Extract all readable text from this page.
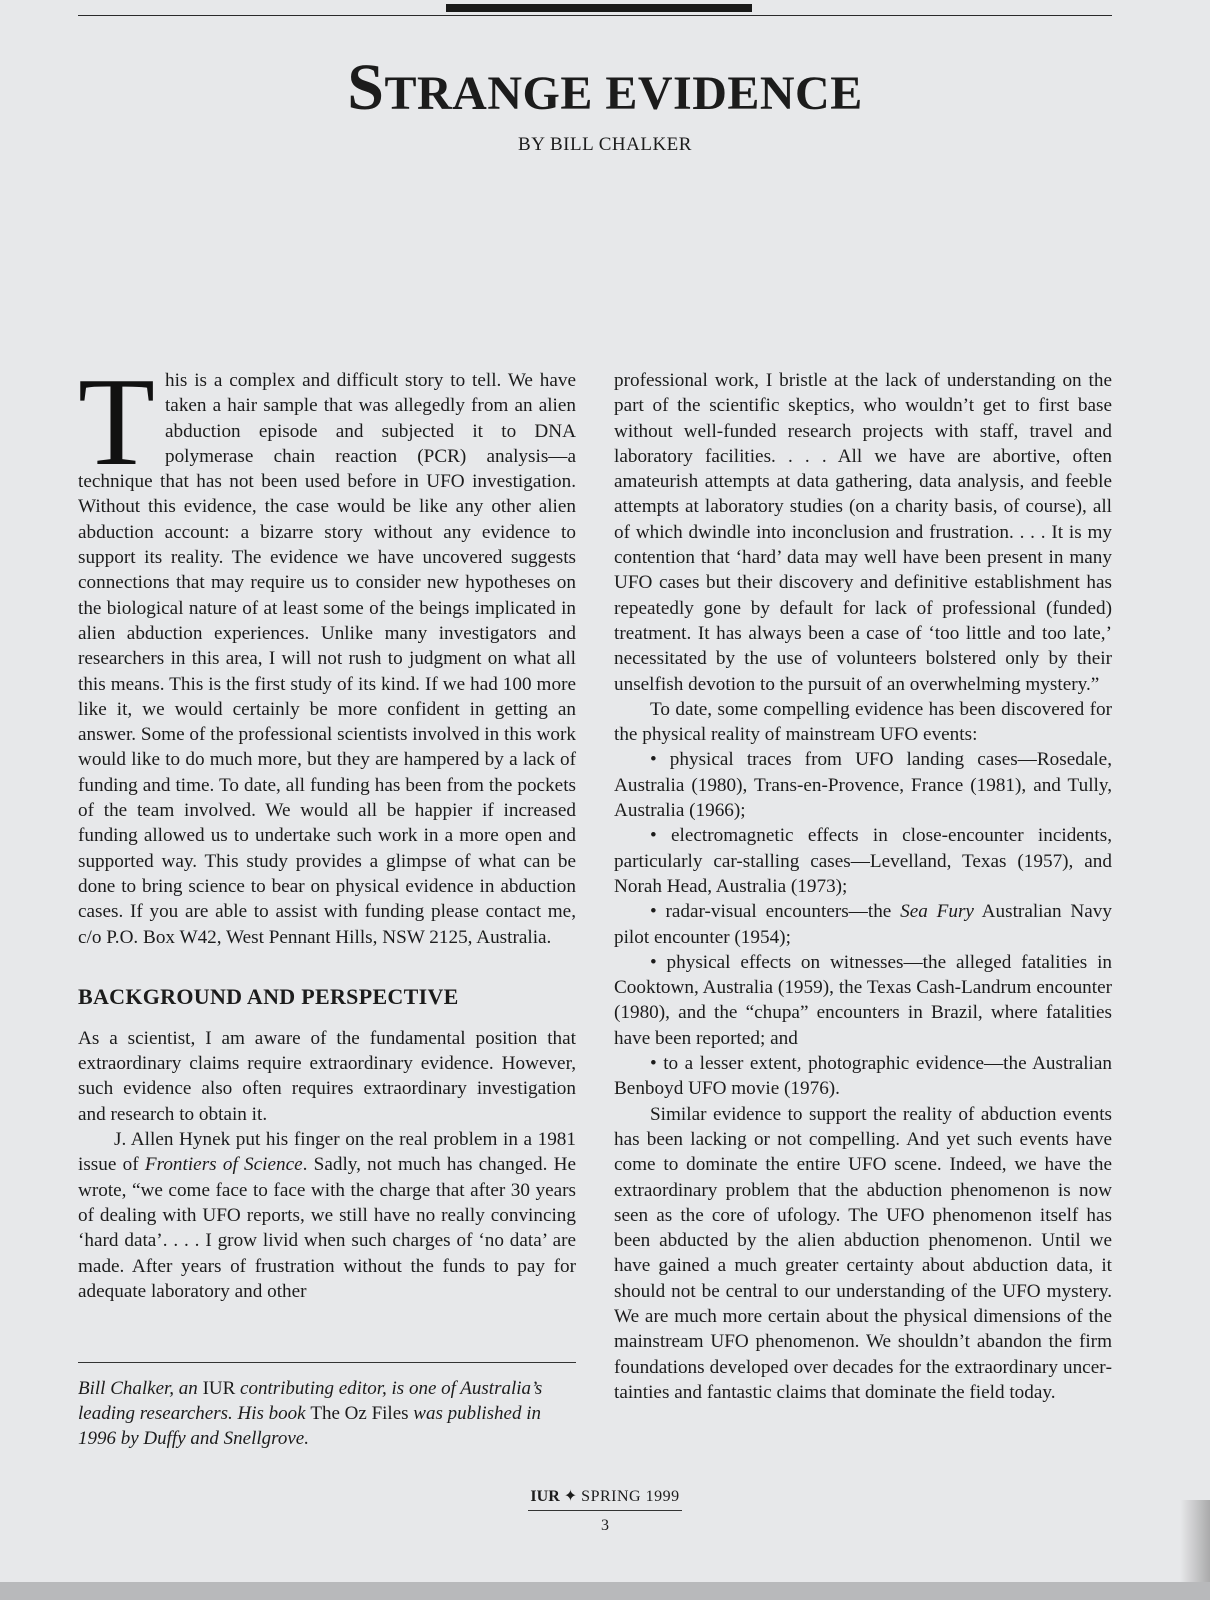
STRANGE EVIDENCE
BY BILL CHALKER

This is a complex and difficult story to tell. We have taken a hair sample that was allegedly from an alien abduction episode and subjected it to DNA polymerase chain reaction (PCR) analysis—a technique that has not been used before in UFO investigation. Without this evidence, the case would be like any other alien abduction account: a bizarre story without any evidence to support its reality. The evidence we have uncovered suggests connections that may require us to consider new hypotheses on the biological nature of at least some of the beings implicated in alien abduction experiences. Unlike many investigators and researchers in this area, I will not rush to judgment on what all this means. This is the first study of its kind. If we had 100 more like it, we would certainly be more confident in getting an answer. Some of the professional scientists involved in this work would like to do much more, but they are hampered by a lack of funding and time. To date, all funding has been from the pockets of the team involved. We would all be happier if increased funding allowed us to undertake such work in a more open and supported way. This study provides a glimpse of what can be done to bring science to bear on physical evidence in abduction cases. If you are able to assist with funding please contact me, c/o P.O. Box W42, West Pennant Hills, NSW 2125, Australia.

BACKGROUND AND PERSPECTIVE

As a scientist, I am aware of the fundamental position that extraordinary claims require extraordinary evidence. However, such evidence also often requires extraordinary investigation and research to obtain it.

J. Allen Hynek put his finger on the real problem in a 1981 issue of Frontiers of Science. Sadly, not much has changed. He wrote, “we come face to face with the charge that after 30 years of dealing with UFO reports, we still have no really convincing ‘hard data’. . . . I grow livid when such charges of ‘no data’ are made. After years of frustration without the funds to pay for adequate laboratory and other

Bill Chalker, an IUR contributing editor, is one of Australia’s leading researchers. His book The Oz Files was published in 1996 by Duffy and Snellgrove.

professional work, I bristle at the lack of understanding on the part of the scientific skeptics, who wouldn’t get to first base without well-funded research projects with staff, travel and laboratory facilities. . . . All we have are abortive, often amateurish attempts at data gathering, data analysis, and feeble attempts at laboratory studies (on a charity basis, of course), all of which dwindle into inconclusion and frustration. . . . It is my contention that ‘hard’ data may well have been present in many UFO cases but their discovery and definitive establishment has repeatedly gone by default for lack of professional (funded) treatment. It has always been a case of ‘too little and too late,’ necessitated by the use of volunteers bolstered only by their unselfish devotion to the pursuit of an overwhelming mystery.”

To date, some compelling evidence has been discovered for the physical reality of mainstream UFO events:

• physical traces from UFO landing cases—Rosedale, Australia (1980), Trans-en-Provence, France (1981), and Tully, Australia (1966);

• electromagnetic effects in close-encounter incidents, particularly car-stalling cases—Levelland, Texas (1957), and Norah Head, Australia (1973);

• radar-visual encounters—the Sea Fury Australian Navy pilot encounter (1954);

• physical effects on witnesses—the alleged fatalities in Cooktown, Australia (1959), the Texas Cash-Landrum encounter (1980), and the “chupa” encounters in Brazil, where fatalities have been reported; and

• to a lesser extent, photographic evidence—the Australian Benboyd UFO movie (1976).

Similar evidence to support the reality of abduction events has been lacking or not compelling. And yet such events have come to dominate the entire UFO scene. Indeed, we have the extraordinary problem that the abduction phenomenon is now seen as the core of ufology. The UFO phenomenon itself has been abducted by the alien abduction phenomenon. Until we have gained a much greater certainty about abduction data, it should not be central to our understanding of the UFO mystery. We are much more certain about the physical dimensions of the mainstream UFO phenomenon. We shouldn’t abandon the firm foundations developed over decades for the extraordinary uncertainties and fantastic claims that dominate the field today.

IUR ✦ SPRING 1999
3
